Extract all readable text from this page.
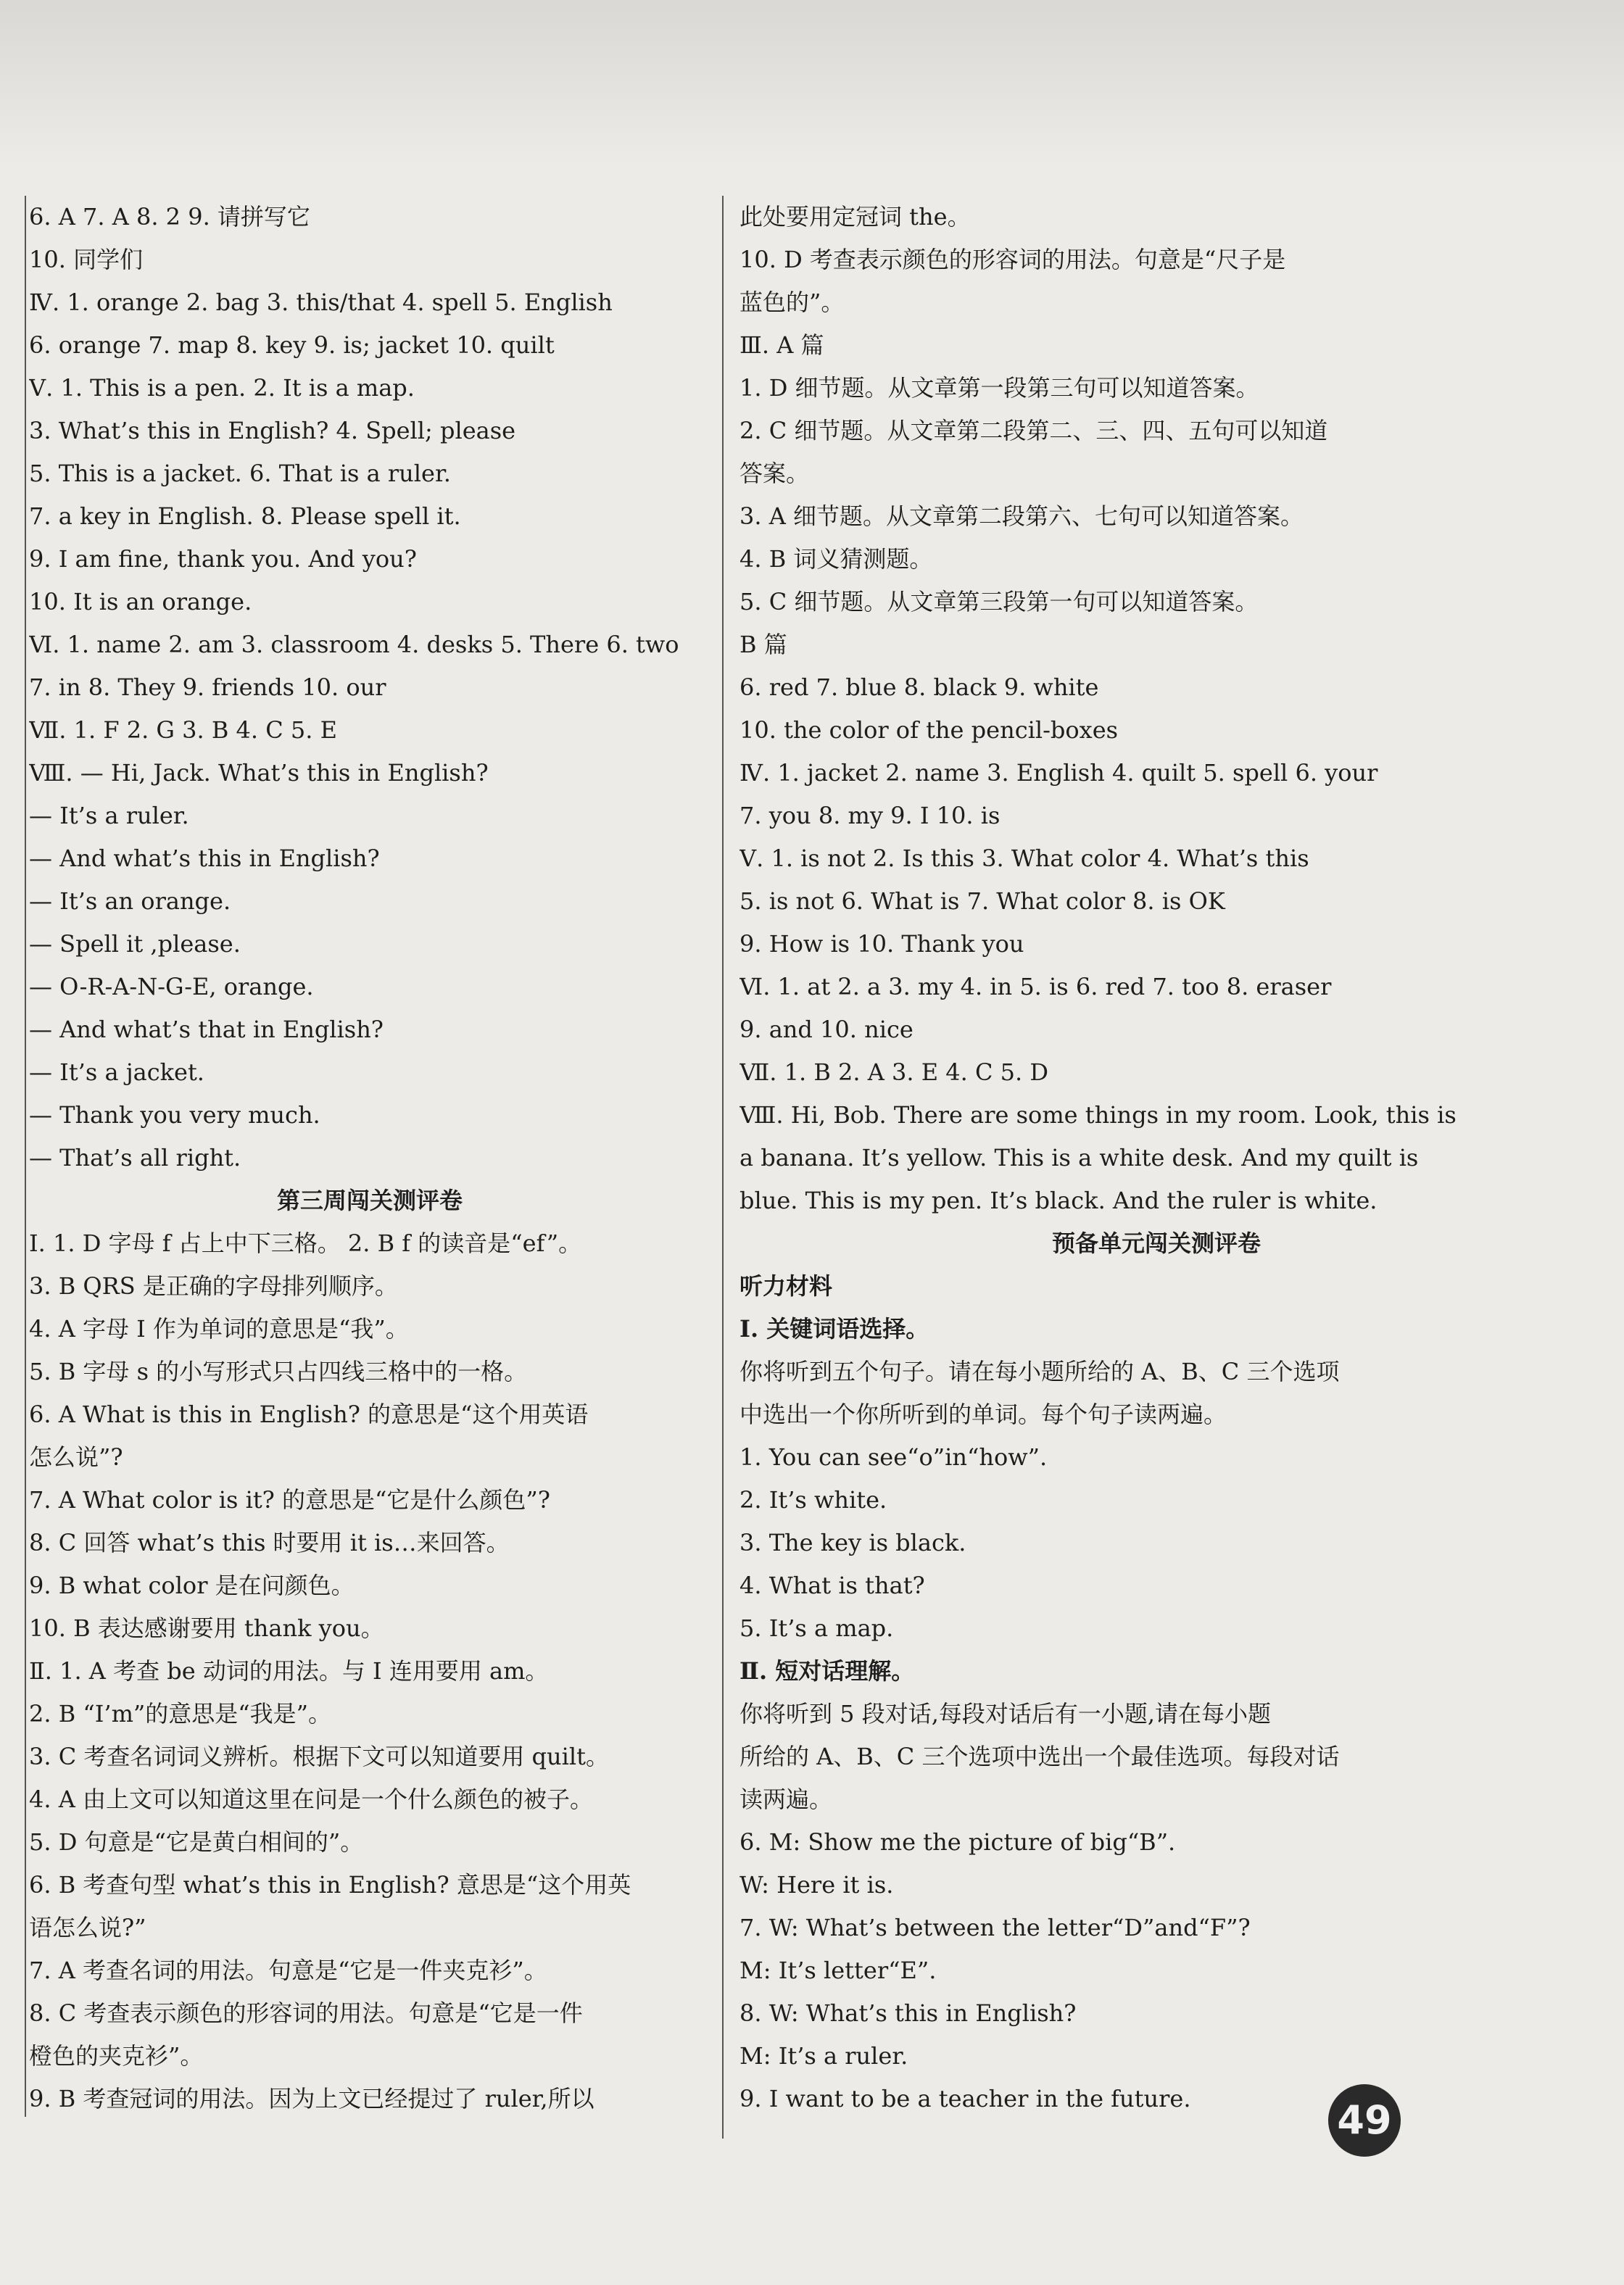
6. A 7. A 8. 2 9. 请拼写它
10. 同学们
Ⅳ. 1. orange 2. bag 3. this/that 4. spell 5. English
6. orange 7. map 8. key 9. is; jacket 10. quilt
Ⅴ. 1. This is a pen. 2. It is a map.
3. What’s this in English? 4. Spell; please
5. This is a jacket. 6. That is a ruler.
7. a key in English. 8. Please spell it.
9. I am fine, thank you. And you?
10. It is an orange.
Ⅵ. 1. name 2. am 3. classroom 4. desks 5. There 6. two
7. in 8. They 9. friends 10. our
Ⅶ. 1. F 2. G 3. B 4. C 5. E
Ⅷ. — Hi, Jack. What’s this in English?
— It’s a ruler.
— And what’s this in English?
— It’s an orange.
— Spell it ,please.
— O-R-A-N-G-E, orange.
— And what’s that in English?
— It’s a jacket.
— Thank you very much.
— That’s all right.
第三周闯关测评卷
Ⅰ. 1. D 字母 f 占上中下三格。 2. B f 的读音是“ef”。
3. B QRS 是正确的字母排列顺序。
4. A 字母 I 作为单词的意思是“我”。
5. B 字母 s 的小写形式只占四线三格中的一格。
6. A What is this in English? 的意思是“这个用英语
怎么说”?
7. A What color is it? 的意思是“它是什么颜色”?
8. C 回答 what’s this 时要用 it is…来回答。
9. B what color 是在问颜色。
10. B 表达感谢要用 thank you。
Ⅱ. 1. A 考查 be 动词的用法。与 I 连用要用 am。
2. B “I’m”的意思是“我是”。
3. C 考查名词词义辨析。根据下文可以知道要用 quilt。
4. A 由上文可以知道这里在问是一个什么颜色的被子。
5. D 句意是“它是黄白相间的”。
6. B 考查句型 what’s this in English? 意思是“这个用英
语怎么说?”
7. A 考查名词的用法。句意是“它是一件夹克衫”。
8. C 考查表示颜色的形容词的用法。句意是“它是一件
橙色的夹克衫”。
9. B 考查冠词的用法。因为上文已经提过了 ruler,所以
此处要用定冠词 the。
10. D 考查表示颜色的形容词的用法。句意是“尺子是
蓝色的”。
Ⅲ. A 篇
1. D 细节题。从文章第一段第三句可以知道答案。
2. C 细节题。从文章第二段第二、三、四、五句可以知道
答案。
3. A 细节题。从文章第二段第六、七句可以知道答案。
4. B 词义猜测题。
5. C 细节题。从文章第三段第一句可以知道答案。
B 篇
6. red 7. blue 8. black 9. white
10. the color of the pencil-boxes
Ⅳ. 1. jacket 2. name 3. English 4. quilt 5. spell 6. your
7. you 8. my 9. I 10. is
Ⅴ. 1. is not 2. Is this 3. What color 4. What’s this
5. is not 6. What is 7. What color 8. is OK
9. How is 10. Thank you
Ⅵ. 1. at 2. a 3. my 4. in 5. is 6. red 7. too 8. eraser
9. and 10. nice
Ⅶ. 1. B 2. A 3. E 4. C 5. D
Ⅷ. Hi, Bob. There are some things in my room. Look, this is
a banana. It’s yellow. This is a white desk. And my quilt is
blue. This is my pen. It’s black. And the ruler is white.
预备单元闯关测评卷
听力材料
Ⅰ. 关键词语选择。
你将听到五个句子。请在每小题所给的 A、B、C 三个选项
中选出一个你所听到的单词。每个句子读两遍。
1. You can see“o”in“how”.
2. It’s white.
3. The key is black.
4. What is that?
5. It’s a map.
Ⅱ. 短对话理解。
你将听到 5 段对话,每段对话后有一小题,请在每小题
所给的 A、B、C 三个选项中选出一个最佳选项。每段对话
读两遍。
6. M: Show me the picture of big“B”.
W: Here it is.
7. W: What’s between the letter“D”and“F”?
M: It’s letter“E”.
8. W: What’s this in English?
M: It’s a ruler.
9. I want to be a teacher in the future.	49
